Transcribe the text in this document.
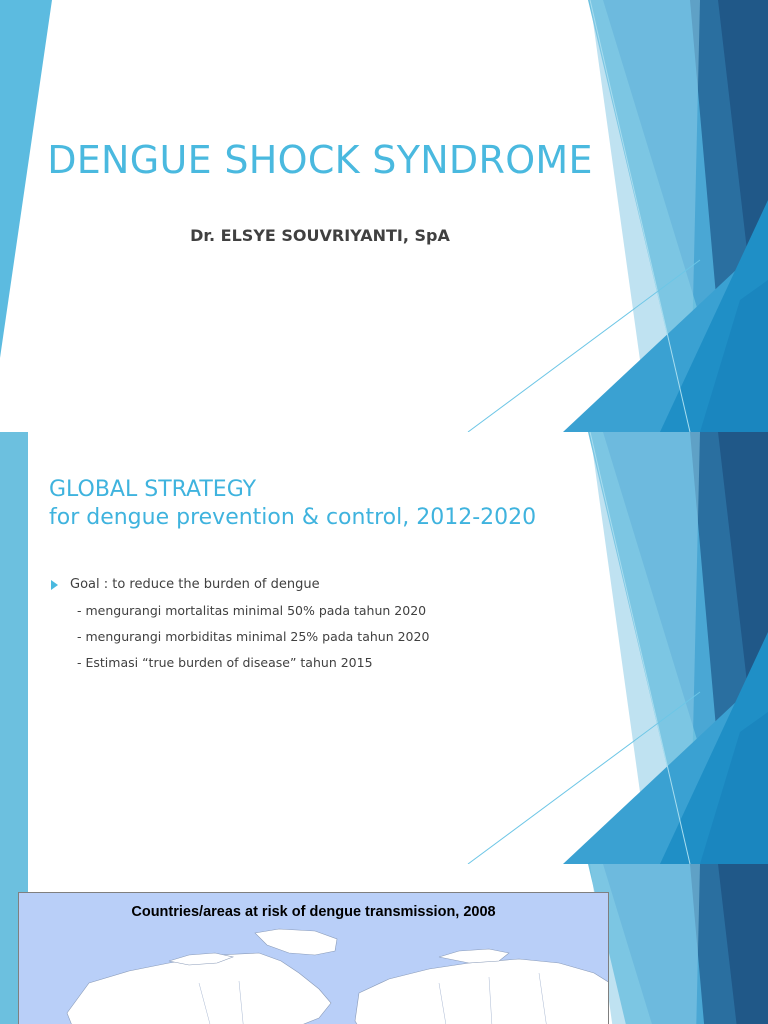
DENGUE SHOCK SYNDROME

Dr. ELSYE SOUVRIYANTI, SpA

GLOBAL STRATEGY
for dengue prevention & control, 2012-2020
Goal : to reduce the burden of dengue
- mengurangi mortalitas minimal 50% pada tahun 2020
- mengurangi morbiditas minimal 25% pada tahun 2020
- Estimasi “true burden of disease” tahun 2015
Countries/areas at risk of dengue transmission, 2008
